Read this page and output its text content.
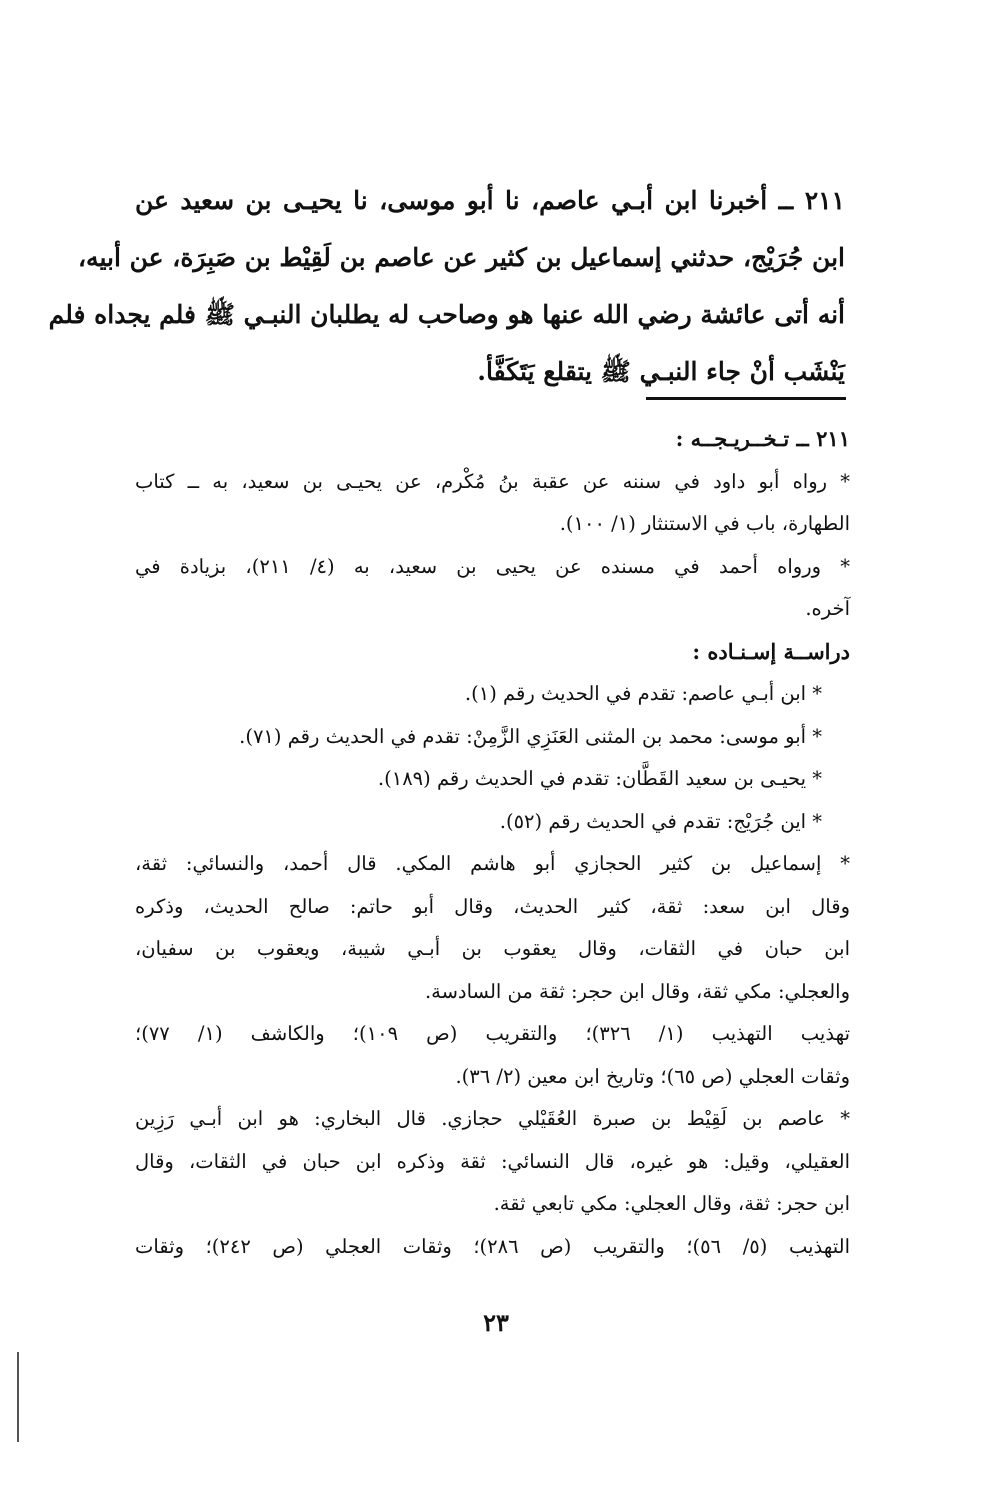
٢١١ ــ أخبرنا ابن أبـي عاصم، نا أبو موسى، نا يحيـى بن سعيد عن
ابن جُرَيْج، حدثني إسماعيل بن كثير عن عاصم بن لَقِيْط بن صَبِرَة، عن أبيه،
أنه أتى عائشة رضي الله عنها هو وصاحب له يطلبان النبـي ﷺ فلم يجداه فلم
يَنْشَب أنْ جاء النبـي ﷺ يتقلع يَتَكَفَّأ.
٢١١ ــ تـخــريـجــه :
* رواه أبو داود في سننه عن عقبة بنُ مُكْرم، عن يحيـى بن سعيد، به ــ كتاب
الطهارة، باب في الاستنثار (١/ ١٠٠).
* ورواه أحمد في مسنده عن يحيى بن سعيد، به (٤/ ٢١١)، بزيادة في
آخره.
دراســة إسـنـاده :
* ابن أبـي عاصم: تقدم في الحديث رقم (١).
* أبو موسى: محمد بن المثنى العَنَزِي الزَّمِنْ: تقدم في الحديث رقم (٧١).
* يحيـى بن سعيد القَطَّان: تقدم في الحديث رقم (١٨٩).
* اين جُرَيْج: تقدم في الحديث رقم (٥٢).
* إسماعيل بن كثير الحجازي أبو هاشم المكي. قال أحمد، والنسائي: ثقة،
وقال ابن سعد: ثقة، كثير الحديث، وقال أبو حاتم: صالح الحديث، وذكره
ابن حبان في الثقات، وقال يعقوب بن أبـي شيبة، ويعقوب بن سفيان،
والعجلي: مكي ثقة، وقال ابن حجر: ثقة من السادسة.
تهذيب التهذيب (١/ ٣٢٦)؛ والتقريب (ص ١٠٩)؛ والكاشف (١/ ٧٧)؛
وثقات العجلي (ص ٦٥)؛ وتاريخ ابن معين (٢/ ٣٦).
* عاصم بن لَقِيْط بن صبرة العُقَيْلي حجازي. قال البخاري: هو ابن أبـي رَزِين
العقيلي، وقيل: هو غيره، قال النسائي: ثقة وذكره ابن حبان في الثقات، وقال
ابن حجر: ثقة، وقال العجلي: مكي تابعي ثقة.
التهذيب (٥/ ٥٦)؛ والتقريب (ص ٢٨٦)؛ وثقات العجلي (ص ٢٤٢)؛ وثقات
٢٣
